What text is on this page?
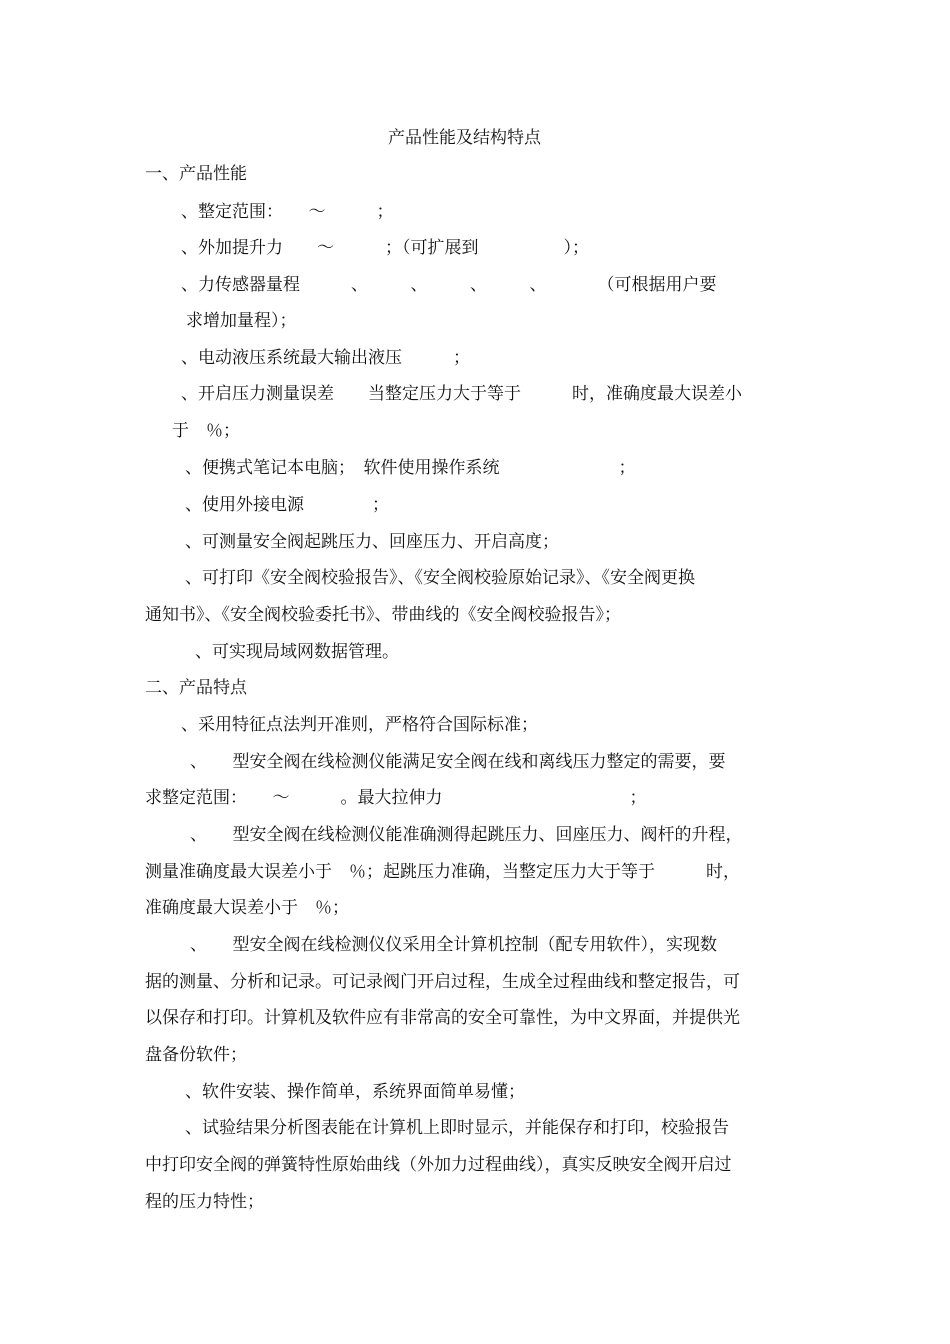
产品性能及结构特点
一、产品性能
、整定范围：　　～　　　；
、外加提升力　　～　　　；（可扩展到　　　　　）；
、力传感器量程　　　、　　　、　　　、　　　、　　　　（可根据用户要
求增加量程）；
、电动液压系统最大输出液压　　　；
、开启压力测量误差　　当整定压力大于等于　　　时，准确度最大误差小
于　％；
、便携式笔记本电脑；　软件使用操作系统　　　　　　　；
、使用外接电源　　　　；
、可测量安全阀起跳压力、回座压力、开启高度；
、可打印《安全阀校验报告》、《安全阀校验原始记录》、《安全阀更换
通知书》、《安全阀校验委托书》、带曲线的《安全阀校验报告》；
、可实现局域网数据管理。
二、产品特点
、采用特征点法判开准则，严格符合国际标准；
、　　型安全阀在线检测仪能满足安全阀在线和离线压力整定的需要，要
求整定范围：　　～　　　。最大拉伸力　　　　　　　　　　　；
、　　型安全阀在线检测仪能准确测得起跳压力、回座压力、阀杆的升程，
测量准确度最大误差小于　％；起跳压力准确，当整定压力大于等于　　　时，
准确度最大误差小于　％；
、　　型安全阀在线检测仪仪采用全计算机控制（配专用软件），实现数
据的测量、分析和记录。可记录阀门开启过程，生成全过程曲线和整定报告，可
以保存和打印。计算机及软件应有非常高的安全可靠性，为中文界面，并提供光
盘备份软件；
、软件安装、操作简单，系统界面简单易懂；
、试验结果分析图表能在计算机上即时显示，并能保存和打印，校验报告
中打印安全阀的弹簧特性原始曲线（外加力过程曲线），真实反映安全阀开启过
程的压力特性；
